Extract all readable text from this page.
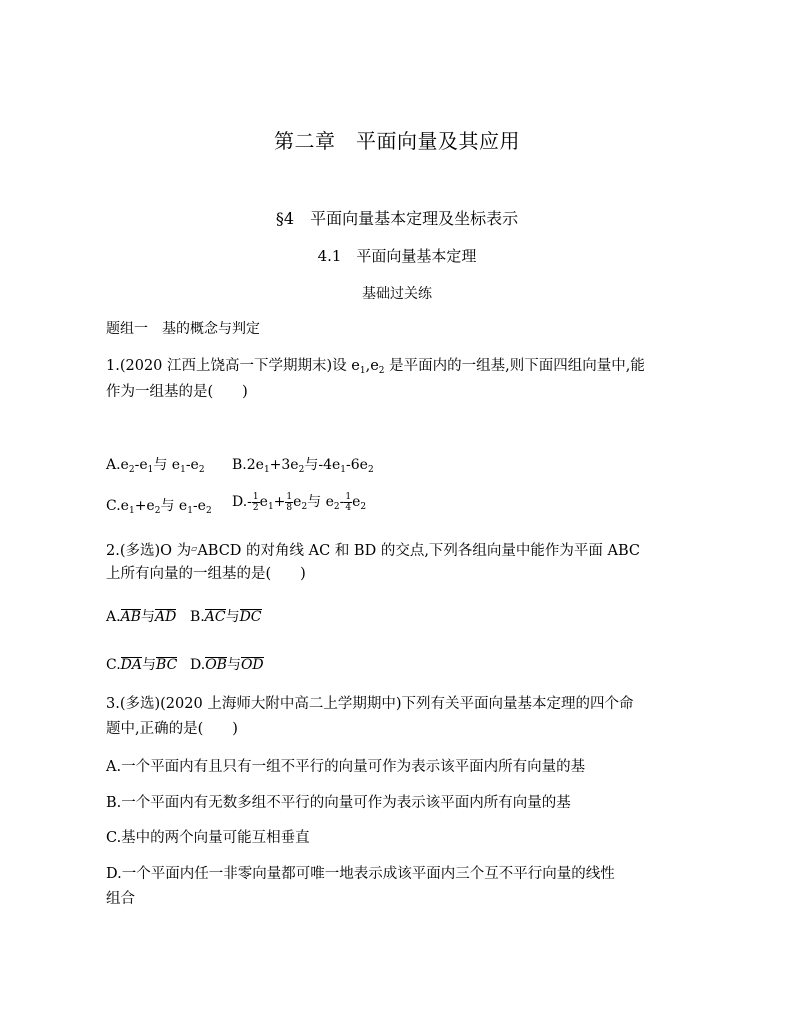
第二章　平面向量及其应用
§4　平面向量基本定理及坐标表示
4.1　平面向量基本定理
基础过关练
题组一　基的概念与判定
1.(2020 江西上饶高一下学期期末)设 $e_1,e_2$ 是平面内的一组基,则下面四组向量中,能
作为一组基的是(　　)
$A.e_2-e_1$与 $e_1-e_2$ $B.2e_1+3e_2$与$-4e_1-6e_2$
$C.e_1+e_2$与 $e_1-e_2$
$D.- \frac{1}{2} e_1+ \frac{1}{8} e_2$与 $e_2- \frac{1}{4} e_2$
2.(多选)O 为▱ABCD 的对角线 AC 和 BD 的交点,下列各组向量中能作为平面 ABC
上所有向量的一组基的是(　　)
A.AB与AD B.AC与DC
C.DA与BC D.OB与OD
3.(多选)(2020 上海师大附中高二上学期期中)下列有关平面向量基本定理的四个命
题中,正确的是(　　)
A.一个平面内有且只有一组不平行的向量可作为表示该平面内所有向量的基
B.一个平面内有无数多组不平行的向量可作为表示该平面内所有向量的基
C.基中的两个向量可能互相垂直
D.一个平面内任一非零向量都可唯一地表示成该平面内三个互不平行向量的线性
组合
